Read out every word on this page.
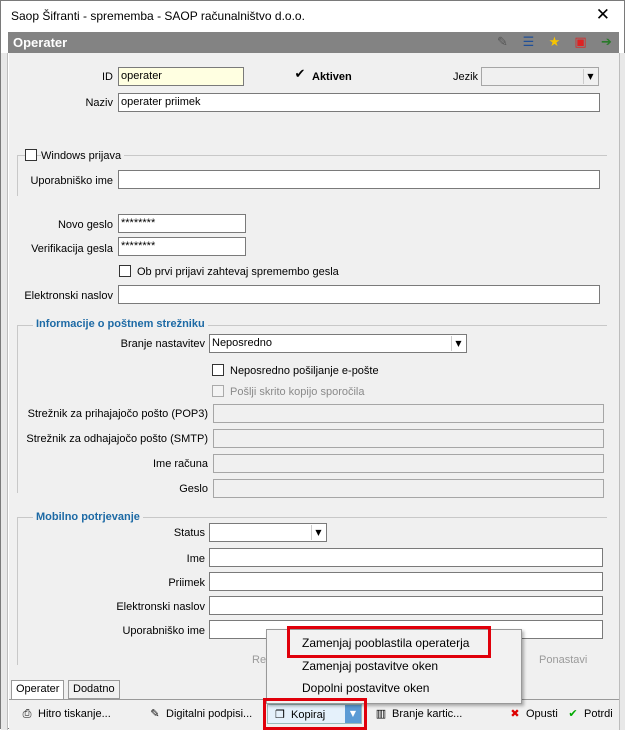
Saop Šifranti - sprememba - SAOP računalništvo d.o.o.	✕
Operater	✎ ☰ ★ ▣ ➔
ID operater	✔ Aktiven	Jezik	▼
Naziv operater priimek
Windows prijava
Uporabniško ime
Novo geslo ********
Verifikacija gesla ********
Ob prvi prijavi zahtevaj spremembo gesla
Elektronski naslov
Informacije o poštnem strežniku
Branje nastavitev Neposredno	▼
Neposredno pošiljanje e-pošte
Pošlji skrito kopijo sporočila
Strežnik za prihajajočo pošto (POP3)
Strežnik za odhajajočo pošto (SMTP)
Ime računa
Geslo
Mobilno potrjevanje
Status	▼
Ime
Priimek
Elektronski naslov
Uporabniško ime
Re	Ponastavi
Operater	Dodatno
⎙ Hitro tiskanje...	✎ Digitalni podpisi...	❐ Kopiraj	▼	▥ Branje kartic...	✖ Opusti ✔ Potrdi
Zamenjaj pooblastila operaterja
Zamenjaj postavitve oken
Dopolni postavitve oken
